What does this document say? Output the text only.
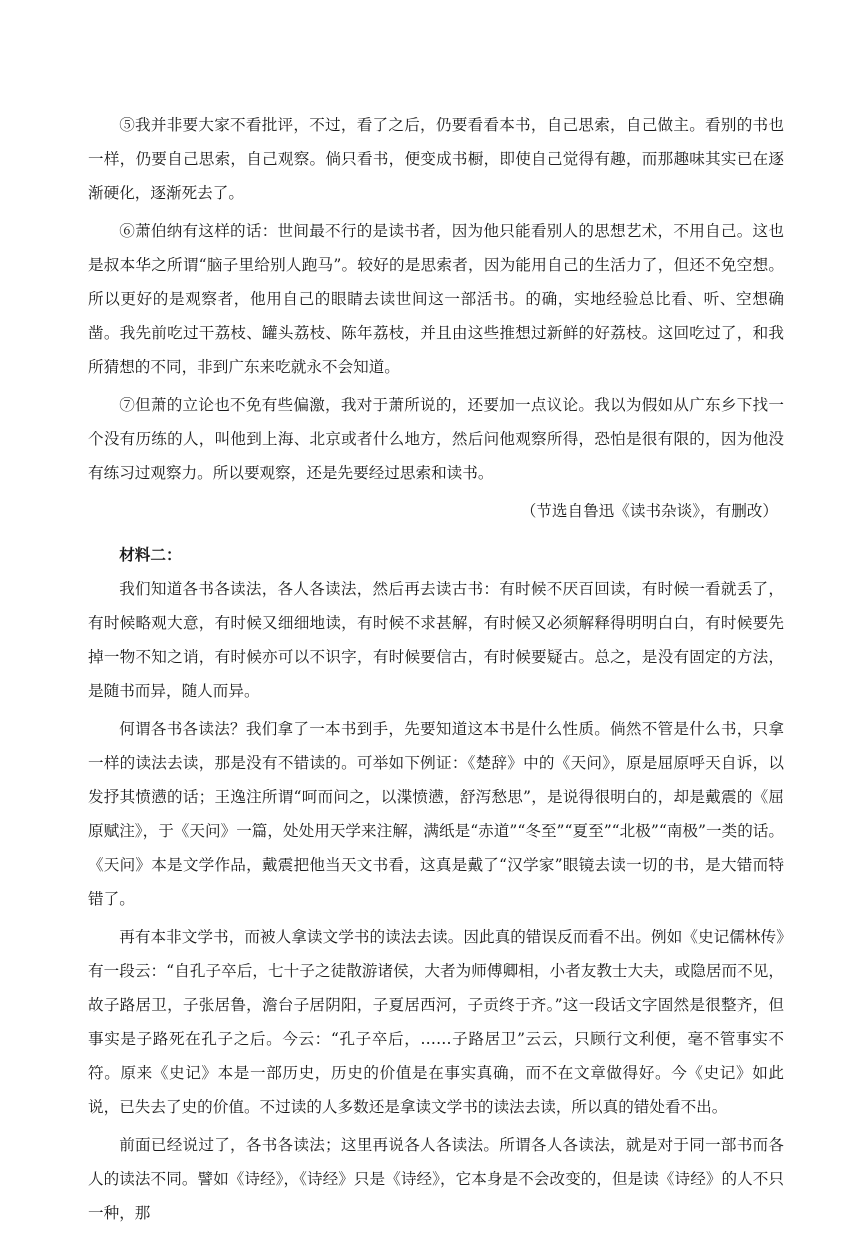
⑤我并非要大家不看批评，不过，看了之后，仍要看看本书，自己思索，自己做主。看别的书也一样，仍要自己思索，自己观察。倘只看书，便变成书橱，即使自己觉得有趣，而那趣味其实已在逐渐硬化，逐渐死去了。

⑥萧伯纳有这样的话：世间最不行的是读书者，因为他只能看别人的思想艺术，不用自己。这也是叔本华之所谓“脑子里给别人跑马”。较好的是思索者，因为能用自己的生活力了，但还不免空想。所以更好的是观察者，他用自己的眼睛去读世间这一部活书。的确，实地经验总比看、听、空想确凿。我先前吃过干荔枝、罐头荔枝、陈年荔枝，并且由这些推想过新鲜的好荔枝。这回吃过了，和我所猜想的不同，非到广东来吃就永不会知道。

⑦但萧的立论也不免有些偏激，我对于萧所说的，还要加一点议论。我以为假如从广东乡下找一个没有历练的人，叫他到上海、北京或者什么地方，然后问他观察所得，恐怕是很有限的，因为他没有练习过观察力。所以要观察，还是先要经过思索和读书。

（节选自鲁迅《读书杂谈》，有删改）

材料二：

我们知道各书各读法，各人各读法，然后再去读古书：有时候不厌百回读，有时候一看就丢了，有时候略观大意，有时候又细细地读，有时候不求甚解，有时候又必须解释得明明白白，有时候要先掉一物不知之诮，有时候亦可以不识字，有时候要信古，有时候要疑古。总之，是没有固定的方法，是随书而异，随人而异。

何谓各书各读法？我们拿了一本书到手，先要知道这本书是什么性质。倘然不管是什么书，只拿一样的读法去读，那是没有不错读的。可举如下例证：《楚辞》中的《天问》，原是屈原呼天自诉，以发抒其愤懑的话；王逸注所谓“呵而问之，以渫愤懑，舒泻愁思”，是说得很明白的，却是戴震的《屈原赋注》，于《天问》一篇，处处用天学来注解，满纸是“赤道”“冬至”“夏至”“北极”“南极”一类的话。《天问》本是文学作品，戴震把他当天文书看，这真是戴了“汉学家”眼镜去读一切的书，是大错而特错了。

再有本非文学书，而被人拿读文学书的读法去读。因此真的错误反而看不出。例如《史记儒林传》有一段云：“自孔子卒后，七十子之徒散游诸侯，大者为师傅卿相，小者友教士大夫，或隐居而不见，故子路居卫，子张居鲁，澹台子居阴阳，子夏居西河，子贡终于齐。”这一段话文字固然是很整齐，但事实是子路死在孔子之后。今云：“孔子卒后，……子路居卫”云云，只顾行文利便，毫不管事实不符。原来《史记》本是一部历史，历史的价值是在事实真确，而不在文章做得好。今《史记》如此说，已失去了史的价值。不过读的人多数还是拿读文学书的读法去读，所以真的错处看不出。

前面已经说过了，各书各读法；这里再说各人各读法。所谓各人各读法，就是对于同一部书而各人的读法不同。譬如《诗经》，《诗经》只是《诗经》，它本身是不会改变的，但是读《诗经》的人不只一种，那
